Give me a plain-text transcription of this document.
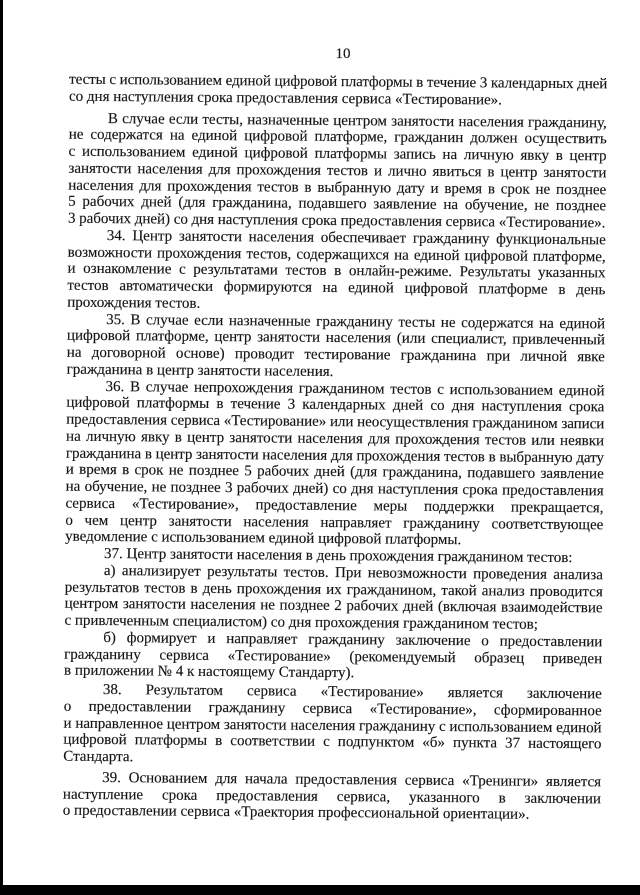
10
тесты с использованием единой цифровой платформы в течение 3 календарных дней
со дня наступления срока предоставления сервиса «Тестирование».
В случае если тесты, назначенные центром занятости населения гражданину,
не содержатся на единой цифровой платформе, гражданин должен осуществить
с использованием единой цифровой платформы запись на личную явку в центр
занятости населения для прохождения тестов и лично явиться в центр занятости
населения для прохождения тестов в выбранную дату и время в срок не позднее
5 рабочих дней (для гражданина, подавшего заявление на обучение, не позднее
3 рабочих дней) со дня наступления срока предоставления сервиса «Тестирование».
34. Центр занятости населения обеспечивает гражданину функциональные
возможности прохождения тестов, содержащихся на единой цифровой платформе,
и ознакомление с результатами тестов в онлайн-режиме. Результаты указанных
тестов автоматически формируются на единой цифровой платформе в день
прохождения тестов.
35. В случае если назначенные гражданину тесты не содержатся на единой
цифровой платформе, центр занятости населения (или специалист, привлеченный
на договорной основе) проводит тестирование гражданина при личной явке
гражданина в центр занятости населения.
36. В случае непрохождения гражданином тестов с использованием единой
цифровой платформы в течение 3 календарных дней со дня наступления срока
предоставления сервиса «Тестирование» или неосуществления гражданином записи
на личную явку в центр занятости населения для прохождения тестов или неявки
гражданина в центр занятости населения для прохождения тестов в выбранную дату
и время в срок не позднее 5 рабочих дней (для гражданина, подавшего заявление
на обучение, не позднее 3 рабочих дней) со дня наступления срока предоставления
сервиса «Тестирование», предоставление меры поддержки прекращается,
о чем центр занятости населения направляет гражданину соответствующее
уведомление с использованием единой цифровой платформы.
37. Центр занятости населения в день прохождения гражданином тестов:
а) анализирует результаты тестов. При невозможности проведения анализа
результатов тестов в день прохождения их гражданином, такой анализ проводится
центром занятости населения не позднее 2 рабочих дней (включая взаимодействие
с привлеченным специалистом) со дня прохождения гражданином тестов;
б) формирует и направляет гражданину заключение о предоставлении
гражданину сервиса «Тестирование» (рекомендуемый образец приведен
в приложении № 4 к настоящему Стандарту).
38. Результатом сервиса «Тестирование» является заключение
о предоставлении гражданину сервиса «Тестирование», сформированное
и направленное центром занятости населения гражданину с использованием единой
цифровой платформы в соответствии с подпунктом «б» пункта 37 настоящего
Стандарта.
39. Основанием для начала предоставления сервиса «Тренинги» является
наступление срока предоставления сервиса, указанного в заключении
о предоставлении сервиса «Траектория профессиональной ориентации».
